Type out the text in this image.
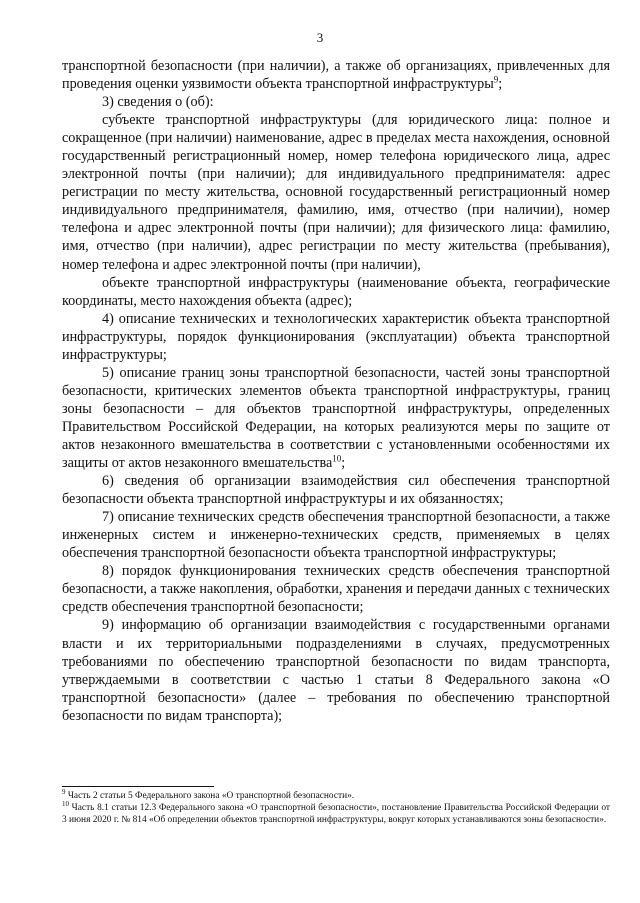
3

транспортной безопасности (при наличии), а также об организациях, привлеченных для проведения оценки уязвимости объекта транспортной инфраструктуры$^9$;

3) сведения о (об):

субъекте транспортной инфраструктуры (для юридического лица: полное и сокращенное (при наличии) наименование, адрес в пределах места нахождения, основной государственный регистрационный номер, номер телефона юридического лица, адрес электронной почты (при наличии); для индивидуального предпринимателя: адрес регистрации по месту жительства, основной государственный регистрационный номер индивидуального предпринимателя, фамилию, имя, отчество (при наличии), номер телефона и адрес электронной почты (при наличии); для физического лица: фамилию, имя, отчество (при наличии), адрес регистрации по месту жительства (пребывания), номер телефона и адрес электронной почты (при наличии),

объекте транспортной инфраструктуры (наименование объекта, географические координаты, место нахождения объекта (адрес);

4) описание технических и технологических характеристик объекта транспортной инфраструктуры, порядок функционирования (эксплуатации) объекта транспортной инфраструктуры;

5) описание границ зоны транспортной безопасности, частей зоны транспортной безопасности, критических элементов объекта транспортной инфраструктуры, границ зоны безопасности – для объектов транспортной инфраструктуры, определенных Правительством Российской Федерации, на которых реализуются меры по защите от актов незаконного вмешательства в соответствии с установленными особенностями их защиты от актов незаконного вмешательства$^{10}$;

6) сведения об организации взаимодействия сил обеспечения транспортной безопасности объекта транспортной инфраструктуры и их обязанностях;

7) описание технических средств обеспечения транспортной безопасности, а также инженерных систем и инженерно-технических средств, применяемых в целях обеспечения транспортной безопасности объекта транспортной инфраструктуры;

8) порядок функционирования технических средств обеспечения транспортной безопасности, а также накопления, обработки, хранения и передачи данных с технических средств обеспечения транспортной безопасности;

9) информацию об организации взаимодействия с государственными органами власти и их территориальными подразделениями в случаях, предусмотренных требованиями по обеспечению транспортной безопасности по видам транспорта, утверждаемыми в соответствии с частью 1 статьи 8 Федерального закона «О транспортной безопасности» (далее – требования по обеспечению транспортной безопасности по видам транспорта);

$^9$ Часть 2 статьи 5 Федерального закона «О транспортной безопасности».

$^{10}$ Часть 8.1 статьи 12.3 Федерального закона «О транспортной безопасности», постановление Правительства Российской Федерации от 3 июня 2020 г. № 814 «Об определении объектов транспортной инфраструктуры, вокруг которых устанавливаются зоны безопасности».
